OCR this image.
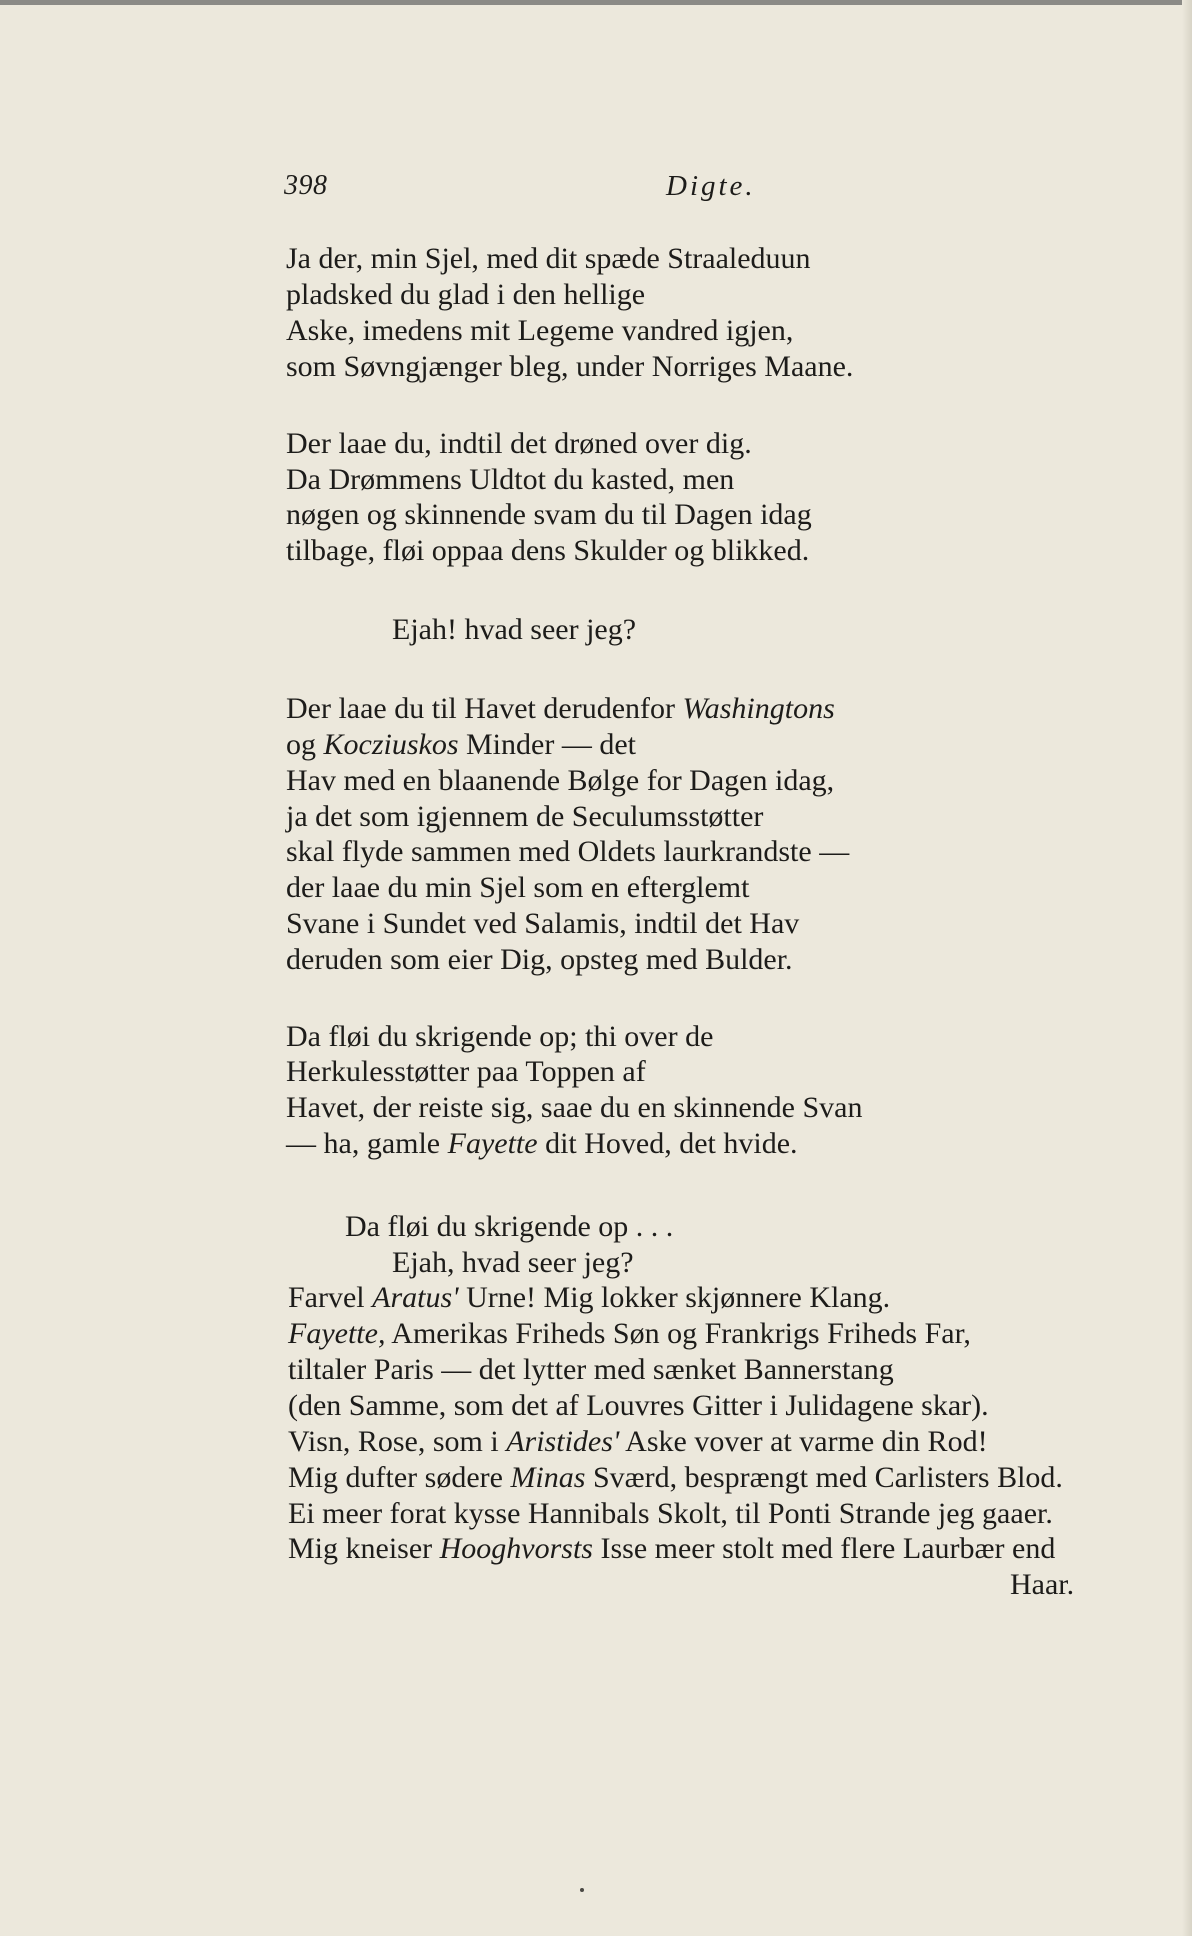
398	Digte.
Ja der, min Sjel, med dit spæde Straaleduun
pladsked du glad i den hellige
Aske, imedens mit Legeme vandred igjen,
som Søvngjænger bleg, under Norriges Maane.
Der laae du, indtil det drøned over dig.
Da Drømmens Uldtot du kasted, men
nøgen og skinnende svam du til Dagen idag
tilbage, fløi oppaa dens Skulder og blikked.
Ejah! hvad seer jeg?
Der laae du til Havet derudenfor Washingtons
og Kocziuskos Minder — det
Hav med en blaanende Bølge for Dagen idag,
ja det som igjennem de Seculumsstøtter
skal flyde sammen med Oldets laurkrandste —
der laae du min Sjel som en efterglemt
Svane i Sundet ved Salamis, indtil det Hav
deruden som eier Dig, opsteg med Bulder.
Da fløi du skrigende op; thi over de
Herkulesstøtter paa Toppen af
Havet, der reiste sig, saae du en skinnende Svan
— ha, gamle Fayette dit Hoved, det hvide.
Da fløi du skrigende op . . .
Ejah, hvad seer jeg?
Farvel Aratus' Urne! Mig lokker skjønnere Klang.
Fayette, Amerikas Friheds Søn og Frankrigs Friheds Far,
tiltaler Paris — det lytter med sænket Bannerstang
(den Samme, som det af Louvres Gitter i Julidagene skar).
Visn, Rose, som i Aristides' Aske vover at varme din Rod!
Mig dufter sødere Minas Sværd, besprængt med Carlisters Blod.
Ei meer forat kysse Hannibals Skolt, til Ponti Strande jeg gaaer.
Mig kneiser Hooghvorsts Isse meer stolt med flere Laurbær end
Haar.
